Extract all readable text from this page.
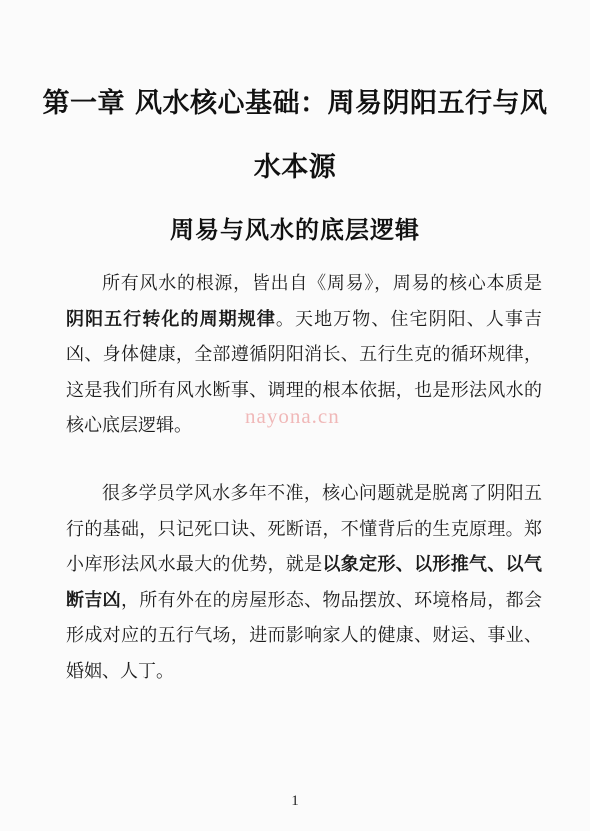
第一章 风水核心基础：周易阴阳五行与风水本源
周易与风水的底层逻辑

所有风水的根源，皆出自《周易》，周易的核心本质是阴阳五行转化的周期规律。天地万物、住宅阴阳、人事吉凶、身体健康，全部遵循阴阳消长、五行生克的循环规律，这是我们所有风水断事、调理的根本依据，也是形法风水的核心底层逻辑。

很多学员学风水多年不准，核心问题就是脱离了阴阳五行的基础，只记死口诀、死断语，不懂背后的生克原理。郑小库形法风水最大的优势，就是以象定形、以形推气、以气断吉凶，所有外在的房屋形态、物品摆放、环境格局，都会形成对应的五行气场，进而影响家人的健康、财运、事业、婚姻、人丁。

nayona.cn
1
